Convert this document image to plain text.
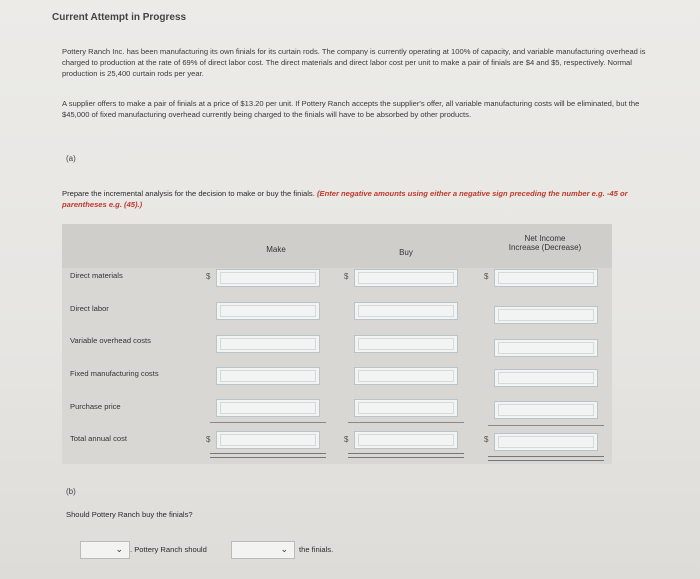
Current Attempt in Progress
Pottery Ranch Inc. has been manufacturing its own finials for its curtain rods. The company is currently operating at 100% of capacity, and variable manufacturing overhead is charged to production at the rate of 69% of direct labor cost. The direct materials and direct labor cost per unit to make a pair of finials are $4 and $5, respectively. Normal production is 25,400 curtain rods per year.
A supplier offers to make a pair of finials at a price of $13.20 per unit. If Pottery Ranch accepts the supplier's offer, all variable manufacturing costs will be eliminated, but the $45,000 of fixed manufacturing overhead currently being charged to the finials will have to be absorbed by other products.
(a)
Prepare the incremental analysis for the decision to make or buy the finials. (Enter negative amounts using either a negative sign preceding the number e.g. -45 or parentheses e.g. (45).)
Make	Buy
Net Income
Increase (Decrease)
Direct materials	$	$	$
Direct labor
Variable overhead costs
Fixed manufacturing costs
Purchase price
Total annual cost	$	$	$
(b)
Should Pottery Ranch buy the finials?
⌄ . Pottery Ranch should	⌄ the finials.
